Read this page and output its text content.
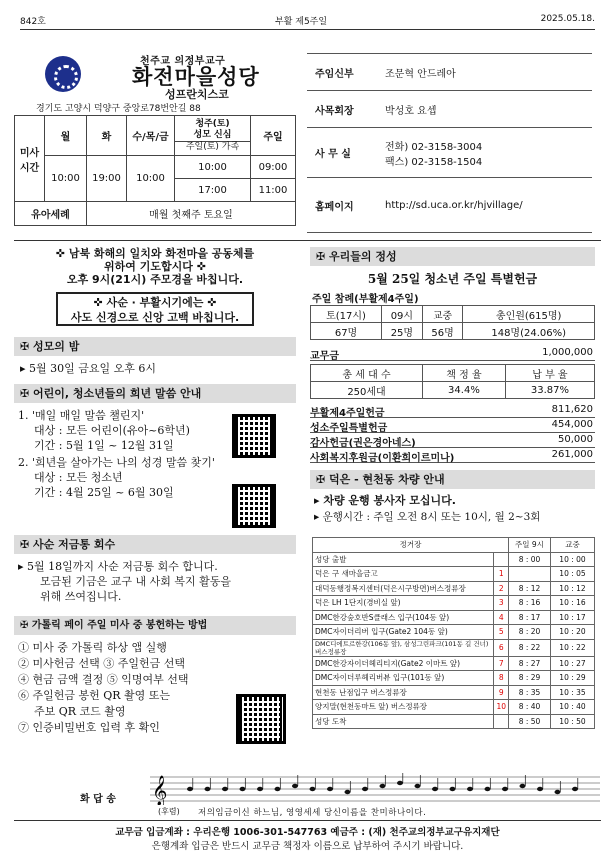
842호	부활 제5주일	2025.05.18.
천주교 의정부교구
화전마을성당
성프란치스코
경기도 고양시 덕양구 중앙로78번안길 88
미사 시간	월	화	수/목/금	청주(토)
성모 신심
주일(토) 가족	주일
	10:00	19:00	10:00	10:00	09:00
				17:00	11:00
유아세례		매월 첫째주 토요일			
주임신부	조문혁 안드레아
사목회장	박성호 요셉
사 무 실	전화) 02-3158-3004
팩스) 02-3158-1504

홈페이지	http://sd.uca.or.kr/hjvillage/
✜ 남북 화해의 일치와 화전마을 공동체를
위하여 기도합시다 ✜
오후 9시(21시) 주모경을 바칩니다.
✜ 사순 · 부활시기에는 ✜
사도 신경으로 신앙 고백 바칩니다.
✠ 성모의 밤
▸ 5월 30일 금요일 오후 6시
✠ 어린이, 청소년들의 희년 말씀 안내
1. '매일 매일 말씀 챌린지'
대상 : 모든 어린이(유아~6학년)
기간 : 5월 1일 ~ 12월 31일
2. '희년을 살아가는 나의 성경 말씀 찾기'
대상 : 모든 청소년
기간 : 4월 25일 ~ 6월 30일
✠ 사순 저금통 회수
▸ 5월 18일까지 사순 저금통 회수 합니다.
모금된 기금은 교구 내 사회 복지 활동을
위해 쓰여집니다.
✠ 가톨릭 페이 주일 미사 중 봉헌하는 방법
① 미사 중 가톨릭 하상 앱 실행
② 미사헌금 선택 ③ 주일헌금 선택
④ 현금 금액 결정 ⑤ 익명여부 선택
⑥ 주일헌금 봉헌 QR 촬영 또는
주보 QR 코드 촬영
⑦ 인증비밀번호 입력 후 확인
✠ 우리들의 정성
5월 25일 청소년 주일 특별헌금
주일 참례(부활제4주일)
토(17시)	09시	교중	총인원(615명)
67명	25명	56명	148명(24.06%)
교무금	1,000,000
총 세 대 수	책 정 율	납 부 율
250세대	34.4%	33.87%
부활제4주일헌금	811,620
성소주일특별헌금	454,000
감사헌금(권은경아네스)	50,000
사회복지후원금(이환희이르미나)	261,000
✠ 덕은 - 현천동 차량 안내
▸ 차량 운행 봉사자 모십니다.
▸ 운행시간 : 주일 오전 8시 또는 10시, 월 2~3회
정거장		주일 9시	교중
성당 출발		8 : 00	10 : 00
덕은 구 새마을금고	1		10 : 05
대덕동행정복지센터(덕은시구방면)버스정류장	2	8 : 12	10 : 12
덕은 LH 1단지(경비실 앞)	3	8 : 16	10 : 16
DMC한강숲호반S클래스 입구(104동 앞)	4	8 : 17	10 : 17
DMC자이더리버 입구(Gate2 104동 앞)	5	8 : 20	10 : 20
DMC디에트르한강(106동 앞), 삼성그린파크(101동 길 건너) 버스정류장	6	8 : 22	10 : 22
DMC한강자이더헤리티지(Gate2 이마트 앞)	7	8 : 27	10 : 27
DMC자이더루헤리버뷰 입구(101동 앞)	8	8 : 29	10 : 29
현천동 난점입구 버스정류장	9	8 : 35	10 : 35
양지말(현천동마트 앞) 버스정류장	10	8 : 40	10 : 40
성당 도착		8 : 50	10 : 50
화 답 송 𝄞
(후렴) 저의임금이신 하느님, 영영세세 당신이름을 찬미하나이다.
교무금 입금계좌 : 우리은행 1006-301-547763 예금주 : (재) 천주교의정부교구유지재단
은행계좌 입금은 반드시 교무금 책정자 이름으로 납부하여 주시기 바랍니다.
